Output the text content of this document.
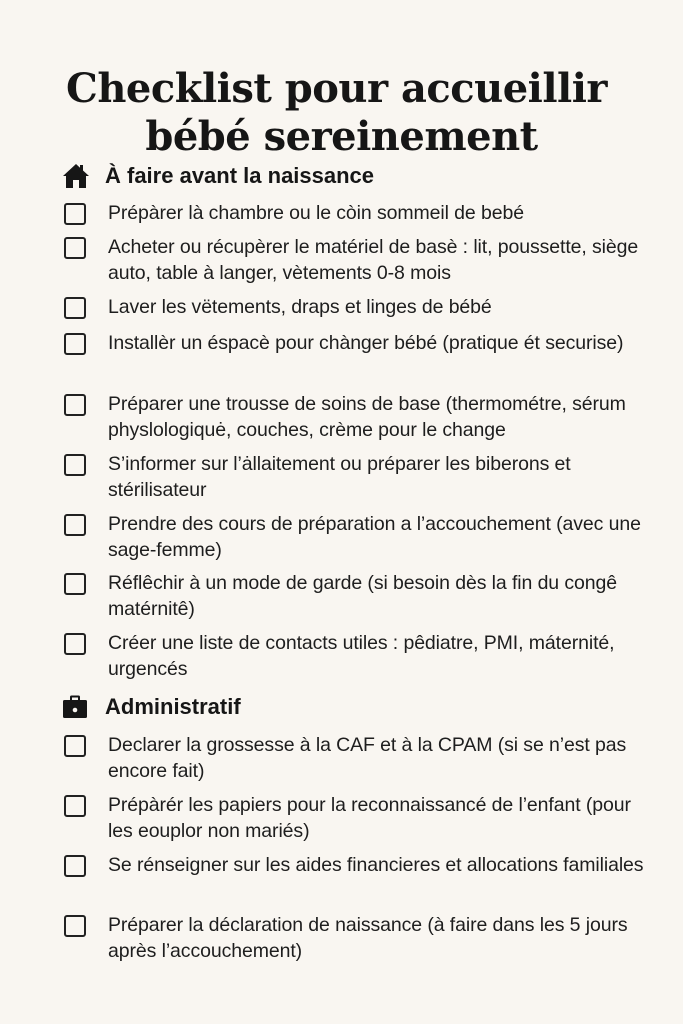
Checklist pour accueillir
bébé sereinement
À faire avant la naissance
Prépàrer là chambre ou le còin sommeil de bebé
Acheter ou récupèrer le matériel de basè : lit, poussette, siège auto, table à langer, vètements 0-8 mois
Laver les vëtements, draps et linges de bébé
Installèr un éspacè pour chànger bébé (pratique ét securise)
Préparer une trousse de soins de base (thermométre, sérum physlologiquė, couches, crème pour le change
S’informer sur l’ȧllaitement ou préparer les biberons et stérilisateur
Prendre des cours de préparation a l’accouchement (avec une sage-femme)
Réflêchir à un mode de garde (si besoin dès la fin du congê matérnitê)
Créer une liste de contacts utiles : pêdiatre, PMI, máternité, urgencés
Administratif
Declarer la grossesse à la CAF et à la CPAM (si se n’est pas encore fait)
Prépàrér les papiers pour la reconnaissancé de l’enfant (pour les eouplor non mariés)
Se rénseigner sur les aides financieres et allocations familiales
Préparer la déclaration de naissance (à faire dans les 5 jours après l’accouchement)
